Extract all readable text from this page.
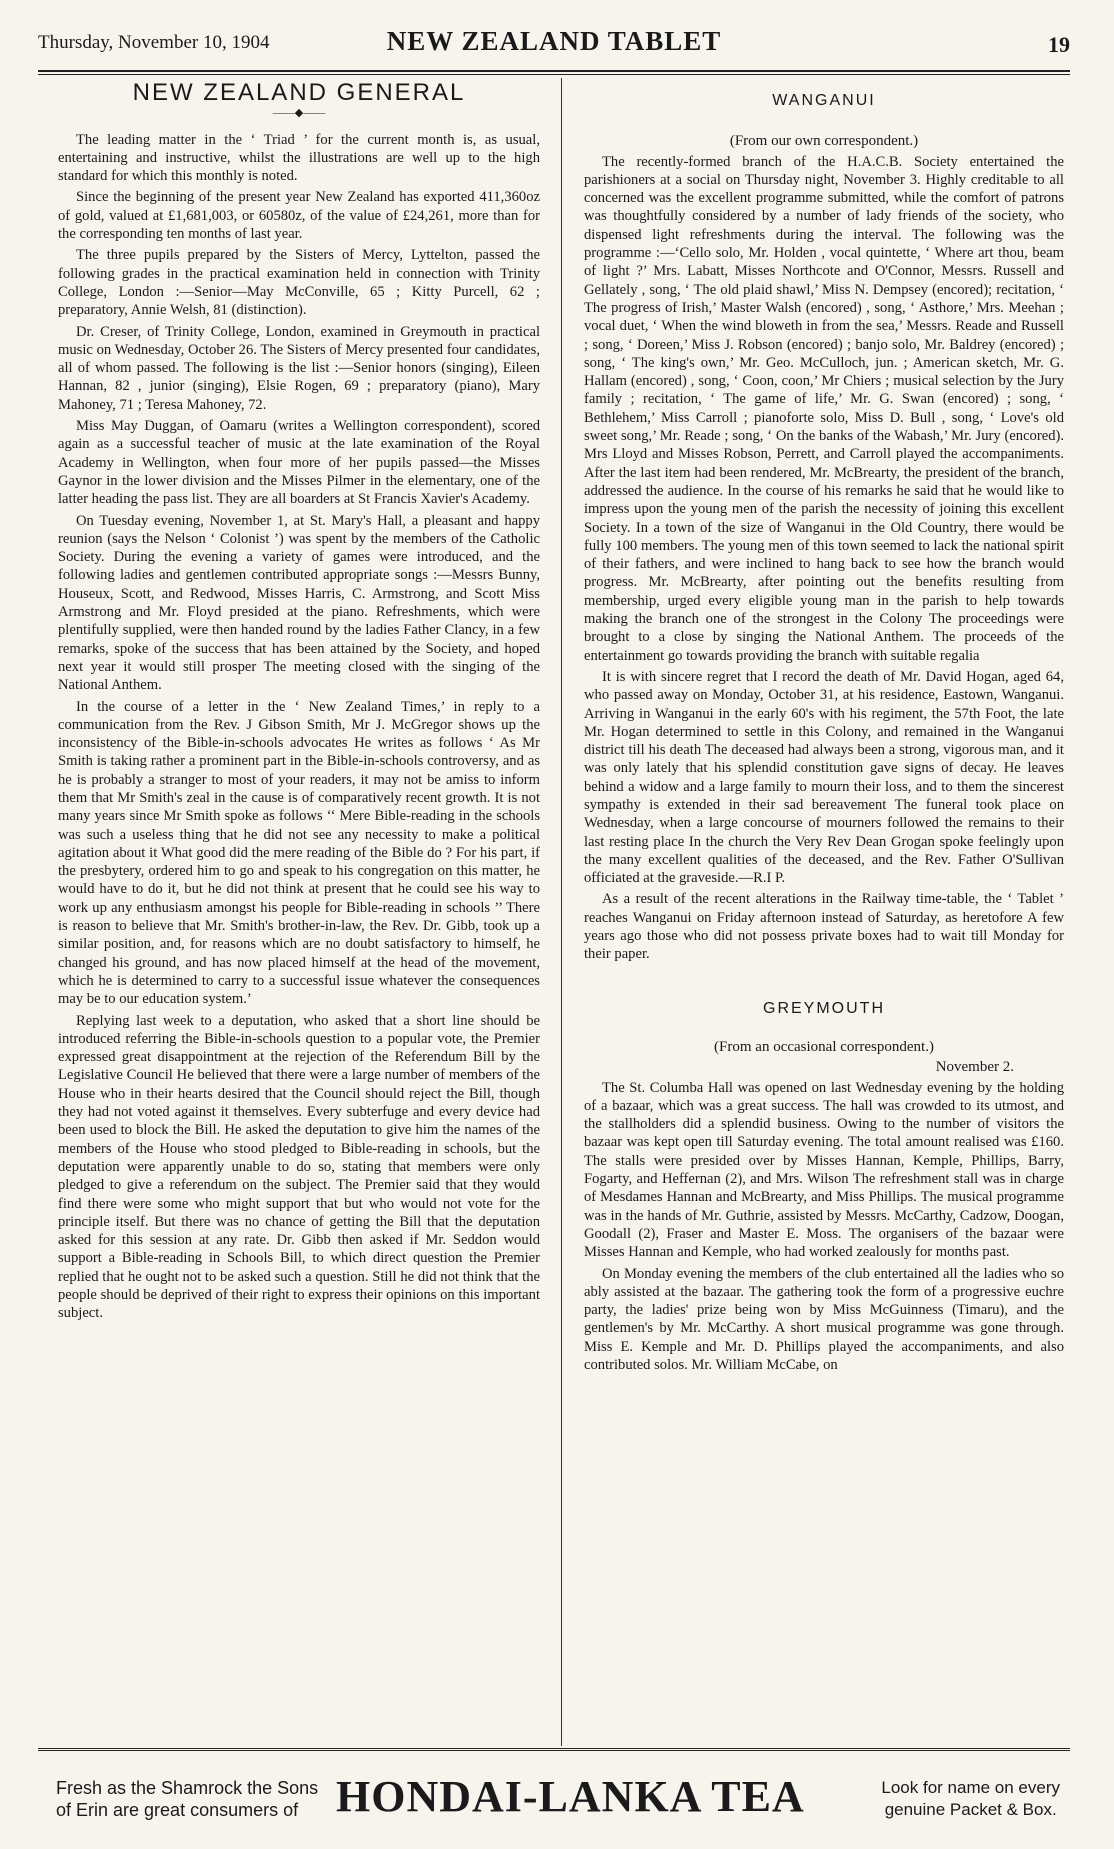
Thursday, November 10, 1904	NEW ZEALAND TABLET	19
NEW ZEALAND GENERAL
——◆——

The leading matter in the ‘ Triad ’ for the current month is, as usual, entertaining and instructive, whilst the illustrations are well up to the high standard for which this monthly is noted.

Since the beginning of the present year New Zealand has exported 411,360oz of gold, valued at £1,681,003, or 60580z, of the value of £24,261, more than for the corresponding ten months of last year.

The three pupils prepared by the Sisters of Mercy, Lyttelton, passed the following grades in the practical examination held in connection with Trinity College, London :—Senior—May McConville, 65 ; Kitty Purcell, 62 ; preparatory, Annie Welsh, 81 (distinction).

Dr. Creser, of Trinity College, London, examined in Greymouth in practical music on Wednesday, October 26. The Sisters of Mercy presented four candidates, all of whom passed. The following is the list :—Senior honors (singing), Eileen Hannan, 82 , junior (singing), Elsie Rogen, 69 ; preparatory (piano), Mary Mahoney, 71 ; Teresa Mahoney, 72.

Miss May Duggan, of Oamaru (writes a Wellington correspondent), scored again as a successful teacher of music at the late examination of the Royal Academy in Wellington, when four more of her pupils passed—the Misses Gaynor in the lower division and the Misses Pilmer in the elementary, one of the latter heading the pass list. They are all boarders at St Francis Xavier's Academy.

On Tuesday evening, November 1, at St. Mary's Hall, a pleasant and happy reunion (says the Nelson ‘ Colonist ’) was spent by the members of the Catholic Society. During the evening a variety of games were introduced, and the following ladies and gentlemen contributed appropriate songs :—Messrs Bunny, Houseux, Scott, and Redwood, Misses Harris, C. Armstrong, and Scott Miss Armstrong and Mr. Floyd presided at the piano. Refreshments, which were plentifully supplied, were then handed round by the ladies Father Clancy, in a few remarks, spoke of the success that has been attained by the Society, and hoped next year it would still prosper The meeting closed with the singing of the National Anthem.

In the course of a letter in the ‘ New Zealand Times,’ in reply to a communication from the Rev. J Gibson Smith, Mr J. McGregor shows up the inconsistency of the Bible-in-schools advocates He writes as follows ‘ As Mr Smith is taking rather a prominent part in the Bible-in-schools controversy, and as he is probably a stranger to most of your readers, it may not be amiss to inform them that Mr Smith's zeal in the cause is of comparatively recent growth. It is not many years since Mr Smith spoke as follows ‘‘ Mere Bible-reading in the schools was such a useless thing that he did not see any necessity to make a political agitation about it What good did the mere reading of the Bible do ? For his part, if the presbytery, ordered him to go and speak to his congregation on this matter, he would have to do it, but he did not think at present that he could see his way to work up any enthusiasm amongst his people for Bible-reading in schools ’’ There is reason to believe that Mr. Smith's brother-in-law, the Rev. Dr. Gibb, took up a similar position, and, for reasons which are no doubt satisfactory to himself, he changed his ground, and has now placed himself at the head of the movement, which he is determined to carry to a successful issue whatever the consequences may be to our education system.’

Replying last week to a deputation, who asked that a short line should be introduced referring the Bible-in-schools question to a popular vote, the Premier expressed great disappointment at the rejection of the Referendum Bill by the Legislative Council He believed that there were a large number of members of the House who in their hearts desired that the Council should reject the Bill, though they had not voted against it themselves. Every subterfuge and every device had been used to block the Bill. He asked the deputation to give him the names of the members of the House who stood pledged to Bible-reading in schools, but the deputation were apparently unable to do so, stating that members were only pledged to give a referendum on the subject. The Premier said that they would find there were some who might support that but who would not vote for the principle itself. But there was no chance of getting the Bill that the deputation asked for this session at any rate. Dr. Gibb then asked if Mr. Seddon would support a Bible-reading in Schools Bill, to which direct question the Premier replied that he ought not to be asked such a question. Still he did not think that the people should be deprived of their right to express their opinions on this important subject.

WANGANUI
(From our own correspondent.)

The recently-formed branch of the H.A.C.B. Society entertained the parishioners at a social on Thursday night, November 3. Highly creditable to all concerned was the excellent programme submitted, while the comfort of patrons was thoughtfully considered by a number of lady friends of the society, who dispensed light refreshments during the interval. The following was the programme :—‘Cello solo, Mr. Holden , vocal quintette, ‘ Where art thou, beam of light ?’ Mrs. Labatt, Misses Northcote and O'Connor, Messrs. Russell and Gellately , song, ‘ The old plaid shawl,’ Miss N. Dempsey (encored); recitation, ‘ The progress of Irish,’ Master Walsh (encored) , song, ‘ Asthore,’ Mrs. Meehan ; vocal duet, ‘ When the wind bloweth in from the sea,’ Messrs. Reade and Russell ; song, ‘ Doreen,’ Miss J. Robson (encored) ; banjo solo, Mr. Baldrey (encored) ; song, ‘ The king's own,’ Mr. Geo. McCulloch, jun. ; American sketch, Mr. G. Hallam (encored) , song, ‘ Coon, coon,’ Mr Chiers ; musical selection by the Jury family ; recitation, ‘ The game of life,’ Mr. G. Swan (encored) ; song, ‘ Bethlehem,’ Miss Carroll ; pianoforte solo, Miss D. Bull , song, ‘ Love's old sweet song,’ Mr. Reade ; song, ‘ On the banks of the Wabash,’ Mr. Jury (encored). Mrs Lloyd and Misses Robson, Perrett, and Carroll played the accompaniments. After the last item had been rendered, Mr. McBrearty, the president of the branch, addressed the audience. In the course of his remarks he said that he would like to impress upon the young men of the parish the necessity of joining this excellent Society. In a town of the size of Wanganui in the Old Country, there would be fully 100 members. The young men of this town seemed to lack the national spirit of their fathers, and were inclined to hang back to see how the branch would progress. Mr. McBrearty, after pointing out the benefits resulting from membership, urged every eligible young man in the parish to help towards making the branch one of the strongest in the Colony The proceedings were brought to a close by singing the National Anthem. The proceeds of the entertainment go towards providing the branch with suitable regalia

It is with sincere regret that I record the death of Mr. David Hogan, aged 64, who passed away on Monday, October 31, at his residence, Eastown, Wanganui. Arriving in Wanganui in the early 60's with his regiment, the 57th Foot, the late Mr. Hogan determined to settle in this Colony, and remained in the Wanganui district till his death The deceased had always been a strong, vigorous man, and it was only lately that his splendid constitution gave signs of decay. He leaves behind a widow and a large family to mourn their loss, and to them the sincerest sympathy is extended in their sad bereavement The funeral took place on Wednesday, when a large concourse of mourners followed the remains to their last resting place In the church the Very Rev Dean Grogan spoke feelingly upon the many excellent qualities of the deceased, and the Rev. Father O'Sullivan officiated at the graveside.—R.I P.

As a result of the recent alterations in the Railway time-table, the ‘ Tablet ’ reaches Wanganui on Friday afternoon instead of Saturday, as heretofore A few years ago those who did not possess private boxes had to wait till Monday for their paper.

GREYMOUTH
(From an occasional correspondent.)
November 2.

The St. Columba Hall was opened on last Wednesday evening by the holding of a bazaar, which was a great success. The hall was crowded to its utmost, and the stallholders did a splendid business. Owing to the number of visitors the bazaar was kept open till Saturday evening. The total amount realised was £160. The stalls were presided over by Misses Hannan, Kemple, Phillips, Barry, Fogarty, and Heffernan (2), and Mrs. Wilson The refreshment stall was in charge of Mesdames Hannan and McBrearty, and Miss Phillips. The musical programme was in the hands of Mr. Guthrie, assisted by Messrs. McCarthy, Cadzow, Doogan, Goodall (2), Fraser and Master E. Moss. The organisers of the bazaar were Misses Hannan and Kemple, who had worked zealously for months past.

On Monday evening the members of the club entertained all the ladies who so ably assisted at the bazaar. The gathering took the form of a progressive euchre party, the ladies' prize being won by Miss McGuinness (Timaru), and the gentlemen's by Mr. McCarthy. A short musical programme was gone through. Miss E. Kemple and Mr. D. Phillips played the accompaniments, and also contributed solos. Mr. William McCabe, on

Fresh as the Shamrock the Sons
of Erin are great consumers of HONDAI-LANKA TEA	Look for name on every
genuine Packet & Box.
